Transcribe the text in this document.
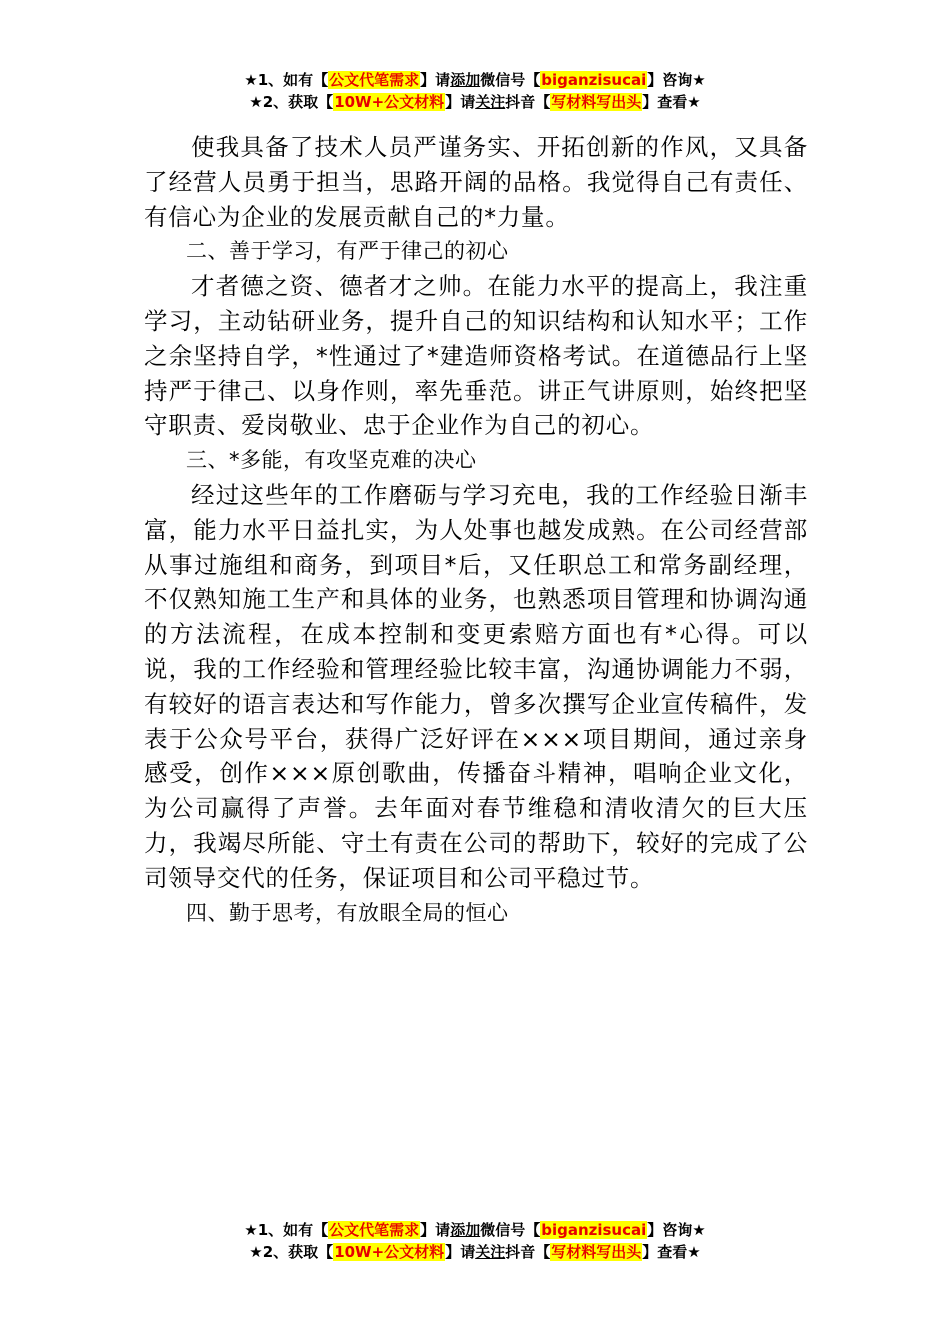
★1、如有【公文代笔需求】请添加微信号【biganzisucai】咨询★
★2、获取【10W+公文材料】请关注抖音【写材料写出头】查看★

使我具备了技术人员严谨务实、开拓创新的作风，又具备了经营人员勇于担当，思路开阔的品格。我觉得自己有责任、有信心为企业的发展贡献自己的*力量。

二、善于学习，有严于律己的初心

才者德之资、德者才之帅。在能力水平的提高上，我注重学习，主动钻研业务，提升自己的知识结构和认知水平；工作之余坚持自学，*性通过了*建造师资格考试。在道德品行上坚持严于律己、以身作则，率先垂范。讲正气讲原则，始终把坚守职责、爱岗敬业、忠于企业作为自己的初心。

三、*多能，有攻坚克难的决心

经过这些年的工作磨砺与学习充电，我的工作经验日渐丰富，能力水平日益扎实，为人处事也越发成熟。在公司经营部从事过施组和商务，到项目*后，又任职总工和常务副经理，不仅熟知施工生产和具体的业务，也熟悉项目管理和协调沟通的方法流程，在成本控制和变更索赔方面也有*心得。可以说，我的工作经验和管理经验比较丰富，沟通协调能力不弱，有较好的语言表达和写作能力，曾多次撰写企业宣传稿件，发表于公众号平台，获得广泛好评在×××项目期间，通过亲身感受，创作×××原创歌曲，传播奋斗精神，唱响企业文化，为公司赢得了声誉。去年面对春节维稳和清收清欠的巨大压力，我竭尽所能、守土有责在公司的帮助下，较好的完成了公司领导交代的任务，保证项目和公司平稳过节。

四、勤于思考，有放眼全局的恒心

★1、如有【公文代笔需求】请添加微信号【biganzisucai】咨询★
★2、获取【10W+公文材料】请关注抖音【写材料写出头】查看★
